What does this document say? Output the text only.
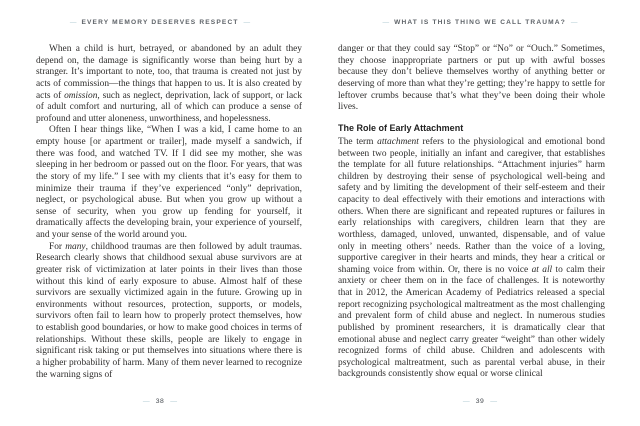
— EVERY MEMORY DESERVES RESPECT —

When a child is hurt, betrayed, or abandoned by an adult they depend on, the damage is significantly worse than being hurt by a stranger. It’s important to note, too, that trauma is created not just by acts of commission—the things that happen to us. It is also created by acts of omission, such as neglect, deprivation, lack of support, or lack of adult comfort and nurturing, all of which can produce a sense of profound and utter aloneness, unworthiness, and hopelessness.

Often I hear things like, “When I was a kid, I came home to an empty house [or apartment or trailer], made myself a sandwich, if there was food, and watched TV. If I did see my mother, she was sleeping in her bedroom or passed out on the floor. For years, that was the story of my life.” I see with my clients that it’s easy for them to minimize their trauma if they’ve experienced “only” deprivation, neglect, or psychological abuse. But when you grow up without a sense of security, when you grow up fending for yourself, it dramatically affects the developing brain, your experience of yourself, and your sense of the world around you.

For many, childhood traumas are then followed by adult traumas. Research clearly shows that childhood sexual abuse survivors are at greater risk of victimization at later points in their lives than those without this kind of early exposure to abuse. Almost half of these survivors are sexually victimized again in the future. Growing up in environments without resources, protection, supports, or models, survivors often fail to learn how to properly protect themselves, how to establish good boundaries, or how to make good choices in terms of relationships. Without these skills, people are likely to engage in significant risk taking or put themselves into situations where there is a higher probability of harm. Many of them never learned to recognize the warning signs of

— 38 —
— WHAT IS THIS THING WE CALL TRAUMA? —

danger or that they could say “Stop” or “No” or “Ouch.” Sometimes, they choose inappropriate partners or put up with awful bosses because they don’t believe themselves worthy of anything better or deserving of more than what they’re getting; they’re happy to settle for leftover crumbs because that’s what they’ve been doing their whole lives.

The Role of Early Attachment

The term attachment refers to the physiological and emotional bond between two people, initially an infant and caregiver, that establishes the template for all future relationships. “Attachment injuries” harm children by destroying their sense of psychological well-being and safety and by limiting the development of their self-esteem and their capacity to deal effectively with their emotions and interactions with others. When there are significant and repeated ruptures or failures in early relationships with caregivers, children learn that they are worthless, damaged, unloved, unwanted, dispensable, and of value only in meeting others’ needs. Rather than the voice of a loving, supportive caregiver in their hearts and minds, they hear a critical or shaming voice from within. Or, there is no voice at all to calm their anxiety or cheer them on in the face of challenges. It is noteworthy that in 2012, the American Academy of Pediatrics released a special report recognizing psychological maltreatment as the most challenging and prevalent form of child abuse and neglect. In numerous studies published by prominent researchers, it is dramatically clear that emotional abuse and neglect carry greater “weight” than other widely recognized forms of child abuse. Children and adolescents with psychological maltreatment, such as parental verbal abuse, in their backgrounds consistently show equal or worse clinical

— 39 —
